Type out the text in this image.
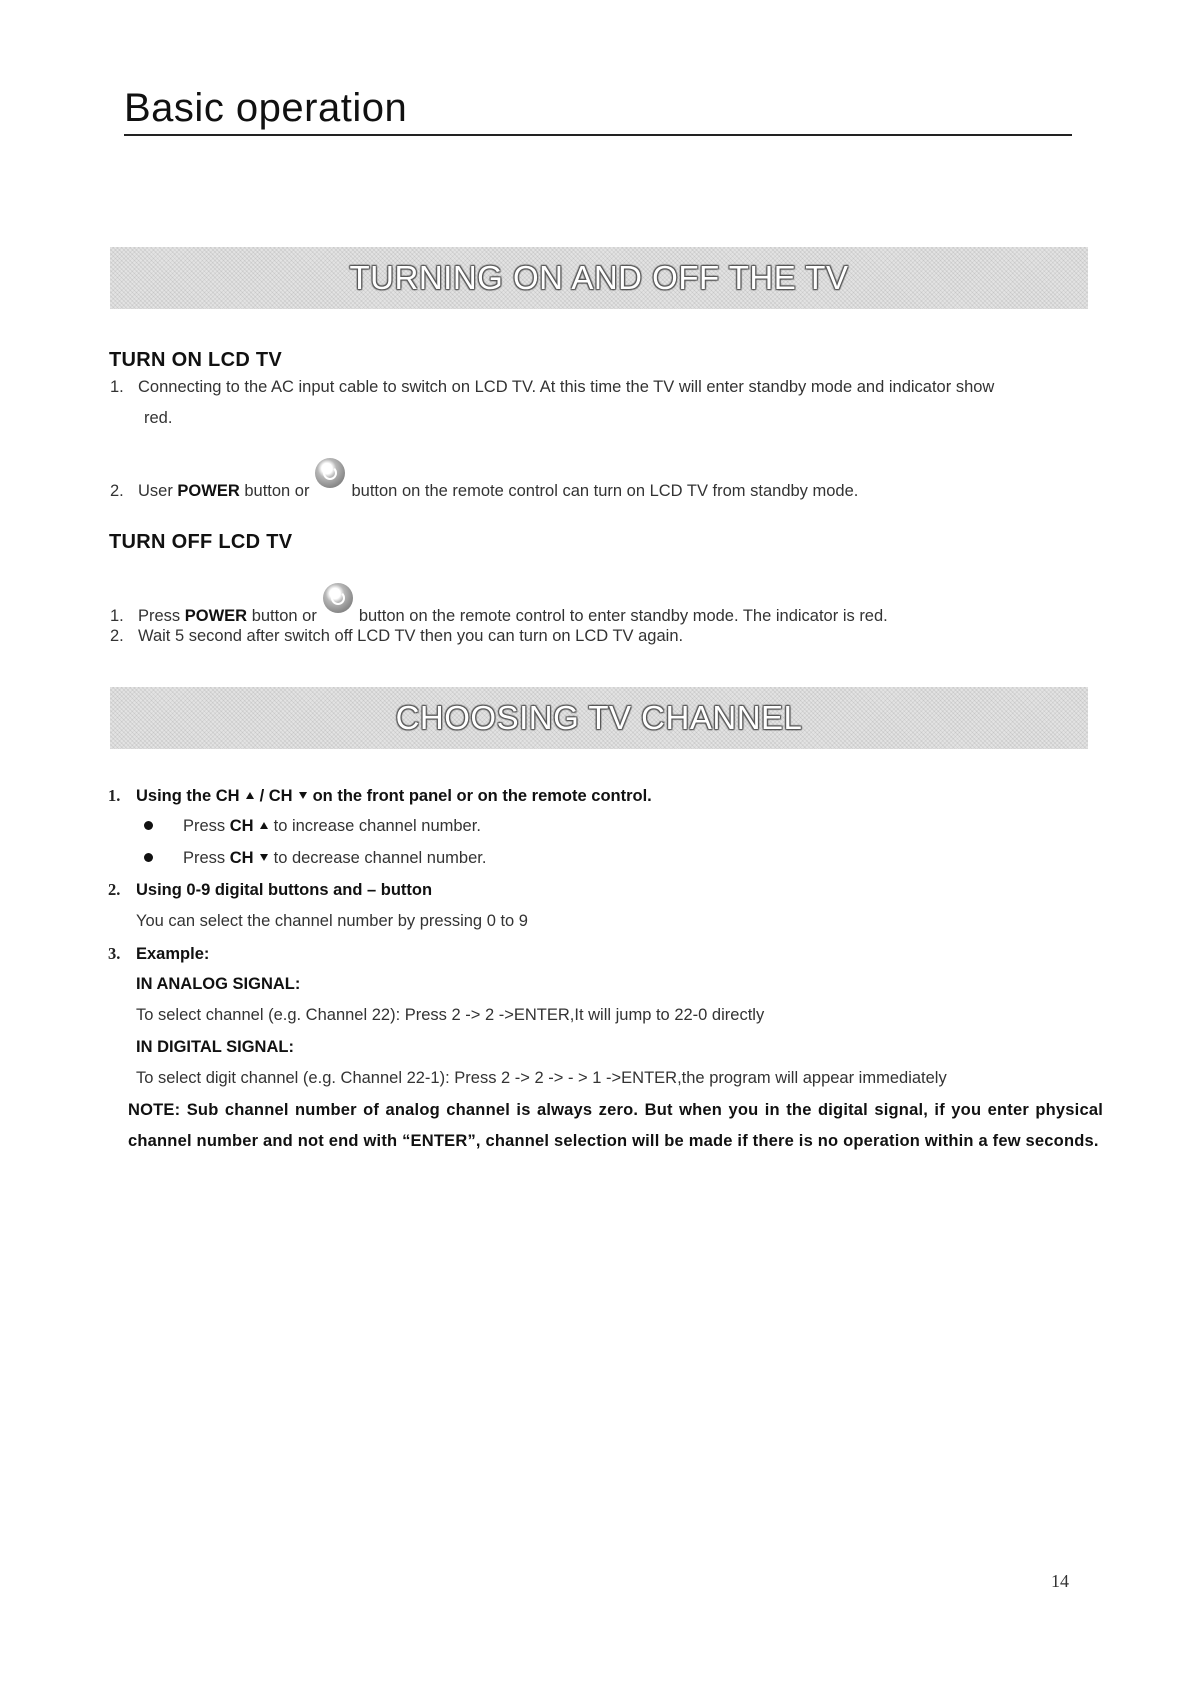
Basic operation
TURNING ON AND OFF THE TV
TURN ON LCD TV
1. Connecting to the AC input cable to switch on LCD TV. At this time the TV will enter standby mode and indicator show
red.
2. User POWER button or	button on the remote control can turn on LCD TV from standby mode.
TURN OFF LCD TV
1. Press POWER button or	button on the remote control to enter standby mode. The indicator is red.
2. Wait 5 second after switch off LCD TV then you can turn on LCD TV again.
CHOOSING TV CHANNEL
1. Using the CH / CH on the front panel or on the remote control.
Press CH to increase channel number.
Press CH to decrease channel number.
2. Using 0-9 digital buttons and – button
You can select the channel number by pressing 0 to 9
3. Example:
IN ANALOG SIGNAL:
To select channel (e.g. Channel 22): Press 2 -> 2 ->ENTER,It will jump to 22-0 directly
IN DIGITAL SIGNAL:
To select digit channel (e.g. Channel 22-1): Press 2 -> 2 -> - > 1 ->ENTER,the program will appear immediately
NOTE: Sub channel number of analog channel is always zero. But when you in the digital signal, if you enter physical channel number and not end with “ENTER”, channel selection will be made if there is no operation within a few seconds.
14
